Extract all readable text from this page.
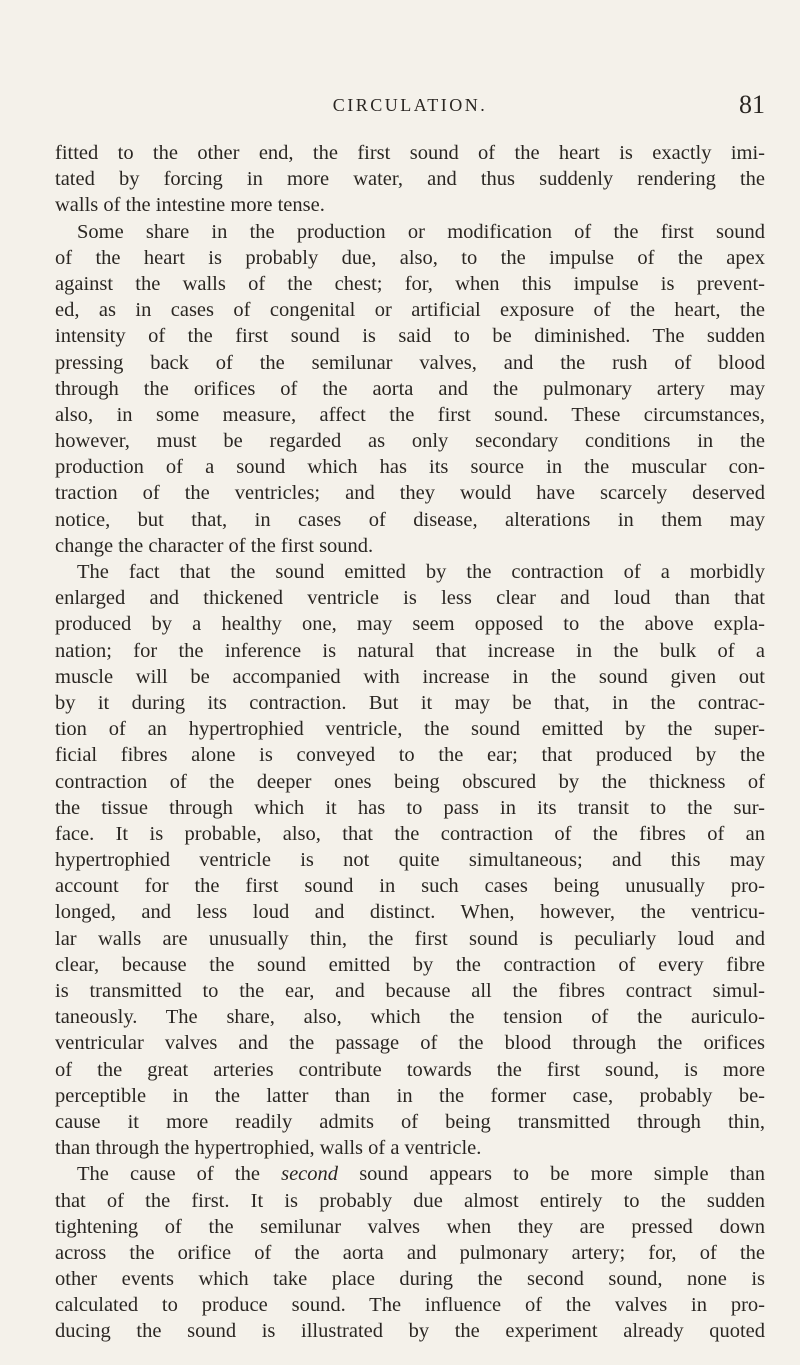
CIRCULATION.	81
fitted to the other end, the first sound of the heart is exactly imi-
tated by forcing in more water, and thus suddenly rendering the
walls of the intestine more tense.
Some share in the production or modification of the first sound
of the heart is probably due, also, to the impulse of the apex
against the walls of the chest; for, when this impulse is prevent-
ed, as in cases of congenital or artificial exposure of the heart, the
intensity of the first sound is said to be diminished. The sudden
pressing back of the semilunar valves, and the rush of blood
through the orifices of the aorta and the pulmonary artery may
also, in some measure, affect the first sound. These circumstances,
however, must be regarded as only secondary conditions in the
production of a sound which has its source in the muscular con-
traction of the ventricles; and they would have scarcely deserved
notice, but that, in cases of disease, alterations in them may
change the character of the first sound.
The fact that the sound emitted by the contraction of a morbidly
enlarged and thickened ventricle is less clear and loud than that
produced by a healthy one, may seem opposed to the above expla-
nation; for the inference is natural that increase in the bulk of a
muscle will be accompanied with increase in the sound given out
by it during its contraction. But it may be that, in the contrac-
tion of an hypertrophied ventricle, the sound emitted by the super-
ficial fibres alone is conveyed to the ear; that produced by the
contraction of the deeper ones being obscured by the thickness of
the tissue through which it has to pass in its transit to the sur-
face. It is probable, also, that the contraction of the fibres of an
hypertrophied ventricle is not quite simultaneous; and this may
account for the first sound in such cases being unusually pro-
longed, and less loud and distinct. When, however, the ventricu-
lar walls are unusually thin, the first sound is peculiarly loud and
clear, because the sound emitted by the contraction of every fibre
is transmitted to the ear, and because all the fibres contract simul-
taneously. The share, also, which the tension of the auriculo-
ventricular valves and the passage of the blood through the orifices
of the great arteries contribute towards the first sound, is more
perceptible in the latter than in the former case, probably be-
cause it more readily admits of being transmitted through thin,
than through the hypertrophied, walls of a ventricle.
The cause of the second sound appears to be more simple than
that of the first. It is probably due almost entirely to the sudden
tightening of the semilunar valves when they are pressed down
across the orifice of the aorta and pulmonary artery; for, of the
other events which take place during the second sound, none is
calculated to produce sound. The influence of the valves in pro-
ducing the sound is illustrated by the experiment already quoted
